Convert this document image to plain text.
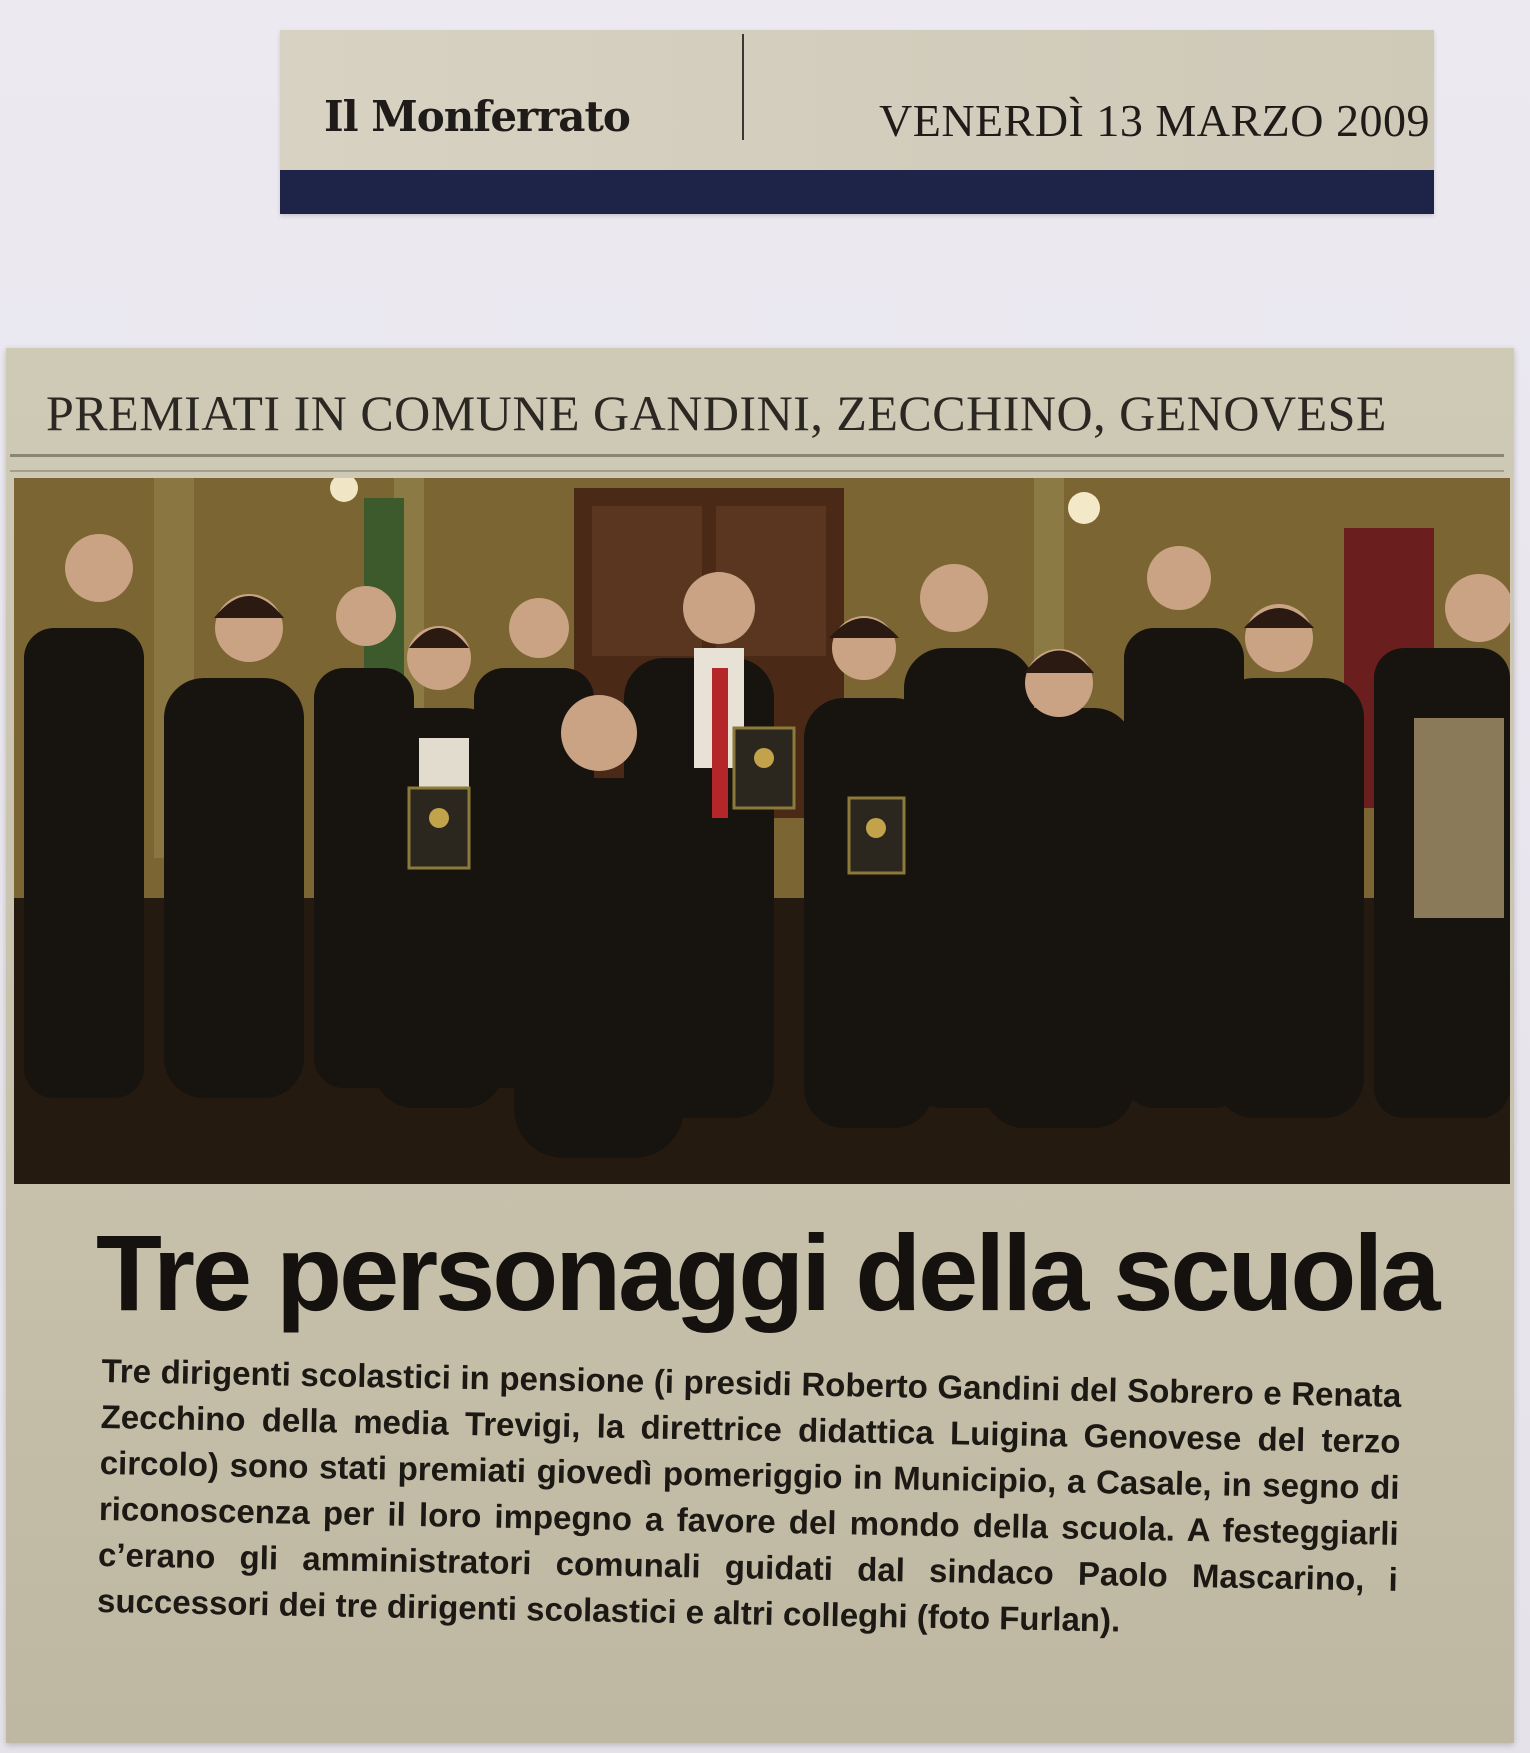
Il Monferrato	VENERDÌ 13 MARZO 2009
PREMIATI IN COMUNE GANDINI, ZECCHINO, GENOVESE
Tre personaggi della scuola
Tre dirigenti scolastici in pensione (i presidi Roberto Gandini del Sobrero e Renata Zecchino della media Trevigi, la direttrice didattica Luigina Genovese del terzo circolo) sono stati premiati giovedì pomeriggio in Municipio, a Casale, in segno di riconoscenza per il loro impegno a favore del mondo della scuola. A festeggiarli c’erano gli amministratori comunali guidati dal sindaco Paolo Mascarino, i successori dei tre dirigenti scolastici e altri colleghi (foto Furlan).
